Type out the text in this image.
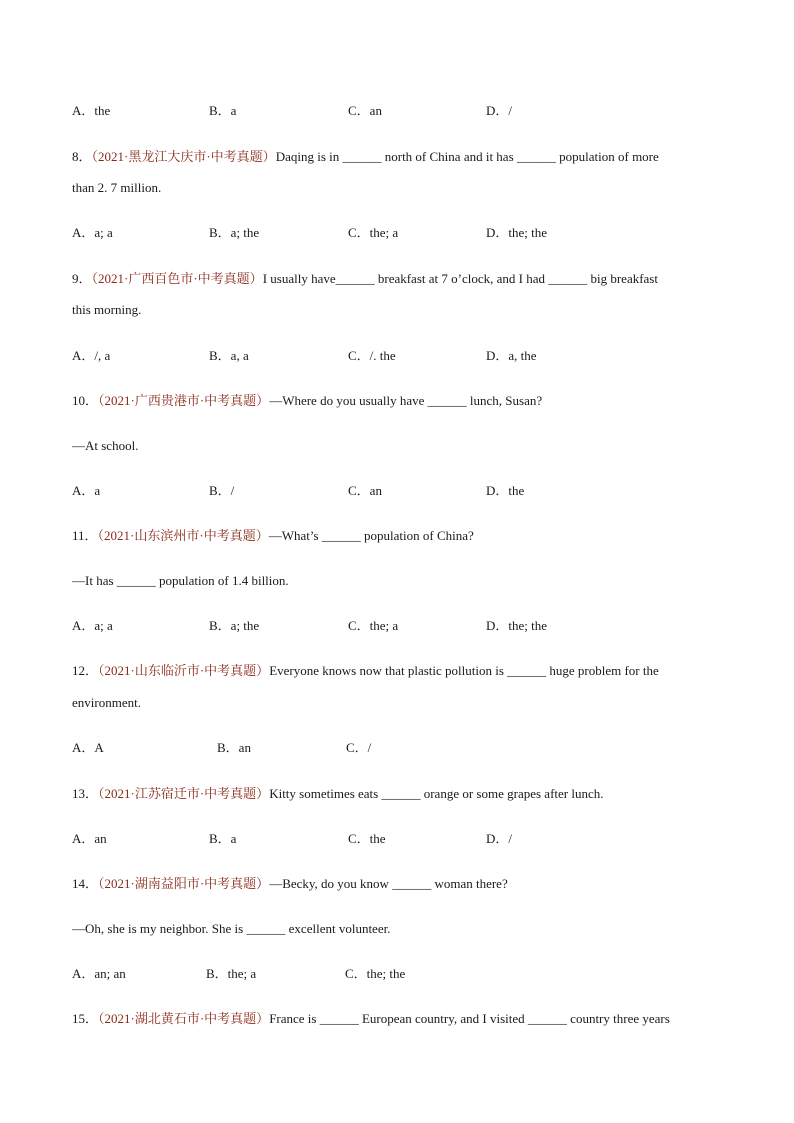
A．the	B．a	C．an	D．/
8．（2021·黑龙江大庆市·中考真题）Daqing is in ______ north of China and it has ______ population of more
than 2. 7 million.
A．a; a	B．a; the	C．the; a	D．the; the
9．（2021·广西百色市·中考真题）I usually have______ breakfast at 7 o’clock, and I had ______ big breakfast
this morning.
A．/, a	B．a, a	C．/. the	D．a, the
10．（2021·广西贵港市·中考真题）—Where do you usually have ______ lunch, Susan?
—At school.
A．a	B．/	C．an	D．the
11．（2021·山东滨州市·中考真题）—What’s ______ population of China?
—It has ______ population of 1.4 billion.
A．a; a	B．a; the	C．the; a	D．the; the
12．（2021·山东临沂市·中考真题）Everyone knows now that plastic pollution is ______ huge problem for the
environment.
A．A	B．an	C．/
13．（2021·江苏宿迁市·中考真题）Kitty sometimes eats ______ orange or some grapes after lunch.
A．an	B．a	C．the	D．/
14．（2021·湖南益阳市·中考真题）—Becky, do you know ______ woman there?
—Oh, she is my neighbor. She is ______ excellent volunteer.
A．an; an	B．the; a	C．the; the
15．（2021·湖北黄石市·中考真题）France is ______ European country, and I visited ______ country three years
